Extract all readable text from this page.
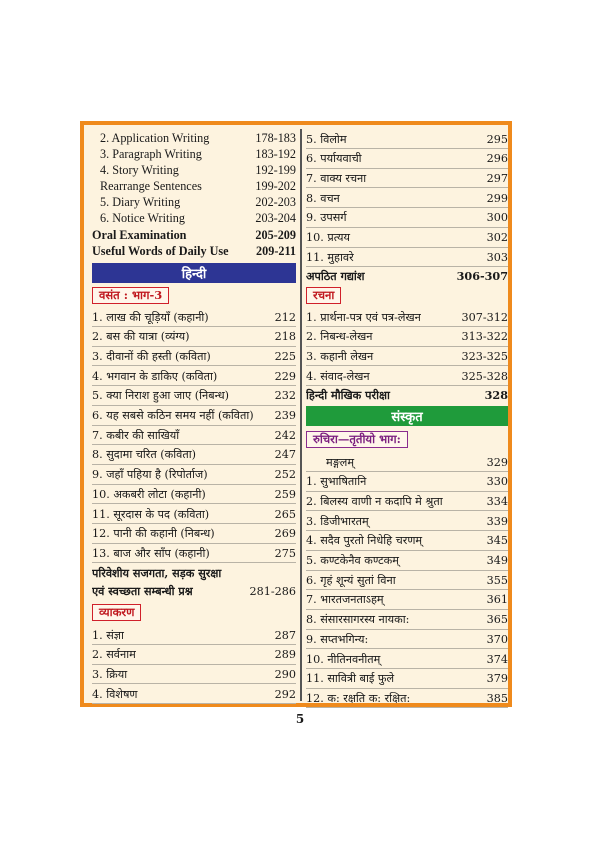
2. Application Writing	178-183
3. Paragraph Writing	183-192
4. Story Writing	192-199
Rearrange Sentences	199-202
5. Diary Writing	202-203
6. Notice Writing	203-204
Oral Examination	205-209
Useful Words of Daily Use	209-211
हिन्दी
वसंत : भाग-3
1. लाख की चूड़ियाँ (कहानी)	212
2. बस की यात्रा (व्यंग्य)	218
3. दीवानों की हस्ती (कविता)	225
4. भगवान के डाकिए (कविता)	229
5. क्या निराश हुआ जाए (निबन्ध)	232
6. यह सबसे कठिन समय नहीं (कविता)	239
7. कबीर की साखियाँ	242
8. सुदामा चरित (कविता)	247
9. जहाँ पहिया है (रिपोर्ताज)	252
10. अकबरी लोटा (कहानी)	259
11. सूरदास के पद (कविता)	265
12. पानी की कहानी (निबन्ध)	269
13. बाज और साँप (कहानी)	275
परिवेशीय सजगता, सड़क सुरक्षा
एवं स्वच्छता सम्बन्धी प्रश्न	281-286
व्याकरण
1. संज्ञा	287
2. सर्वनाम	289
3. क्रिया	290
4. विशेषण	292
5. विलोम	295
6. पर्यायवाची	296
7. वाक्य रचना	297
8. वचन	299
9. उपसर्ग	300
10. प्रत्यय	302
11. मुहावरे	303
अपठित गद्यांश	306-307
रचना
1. प्रार्थना-पत्र एवं पत्र-लेखन	307-312
2. निबन्ध-लेखन	313-322
3. कहानी लेखन	323-325
4. संवाद-लेखन	325-328
हिन्दी मौखिक परीक्षा	328
संस्कृत
रुचिरा—तृतीयो भाग:
मङ्गलम्	329
1. सुभाषितानि	330
2. बिलस्य वाणी न कदापि मे श्रुता	334
3. डिजीभारतम्	339
4. सदैव पुरतो निधेहि चरणम्	345
5. कण्टकेनैव कण्टकम्	349
6. गृहं शून्यं सुतां विना	355
7. भारतजनताऽहम्	361
8. संसारसागरस्य नायका:	365
9. सप्तभगिन्य:	370
10. नीतिनवनीतम्	374
11. सावित्री बाई फुले	379
12. क: रक्षति क: रक्षित:	385
5
